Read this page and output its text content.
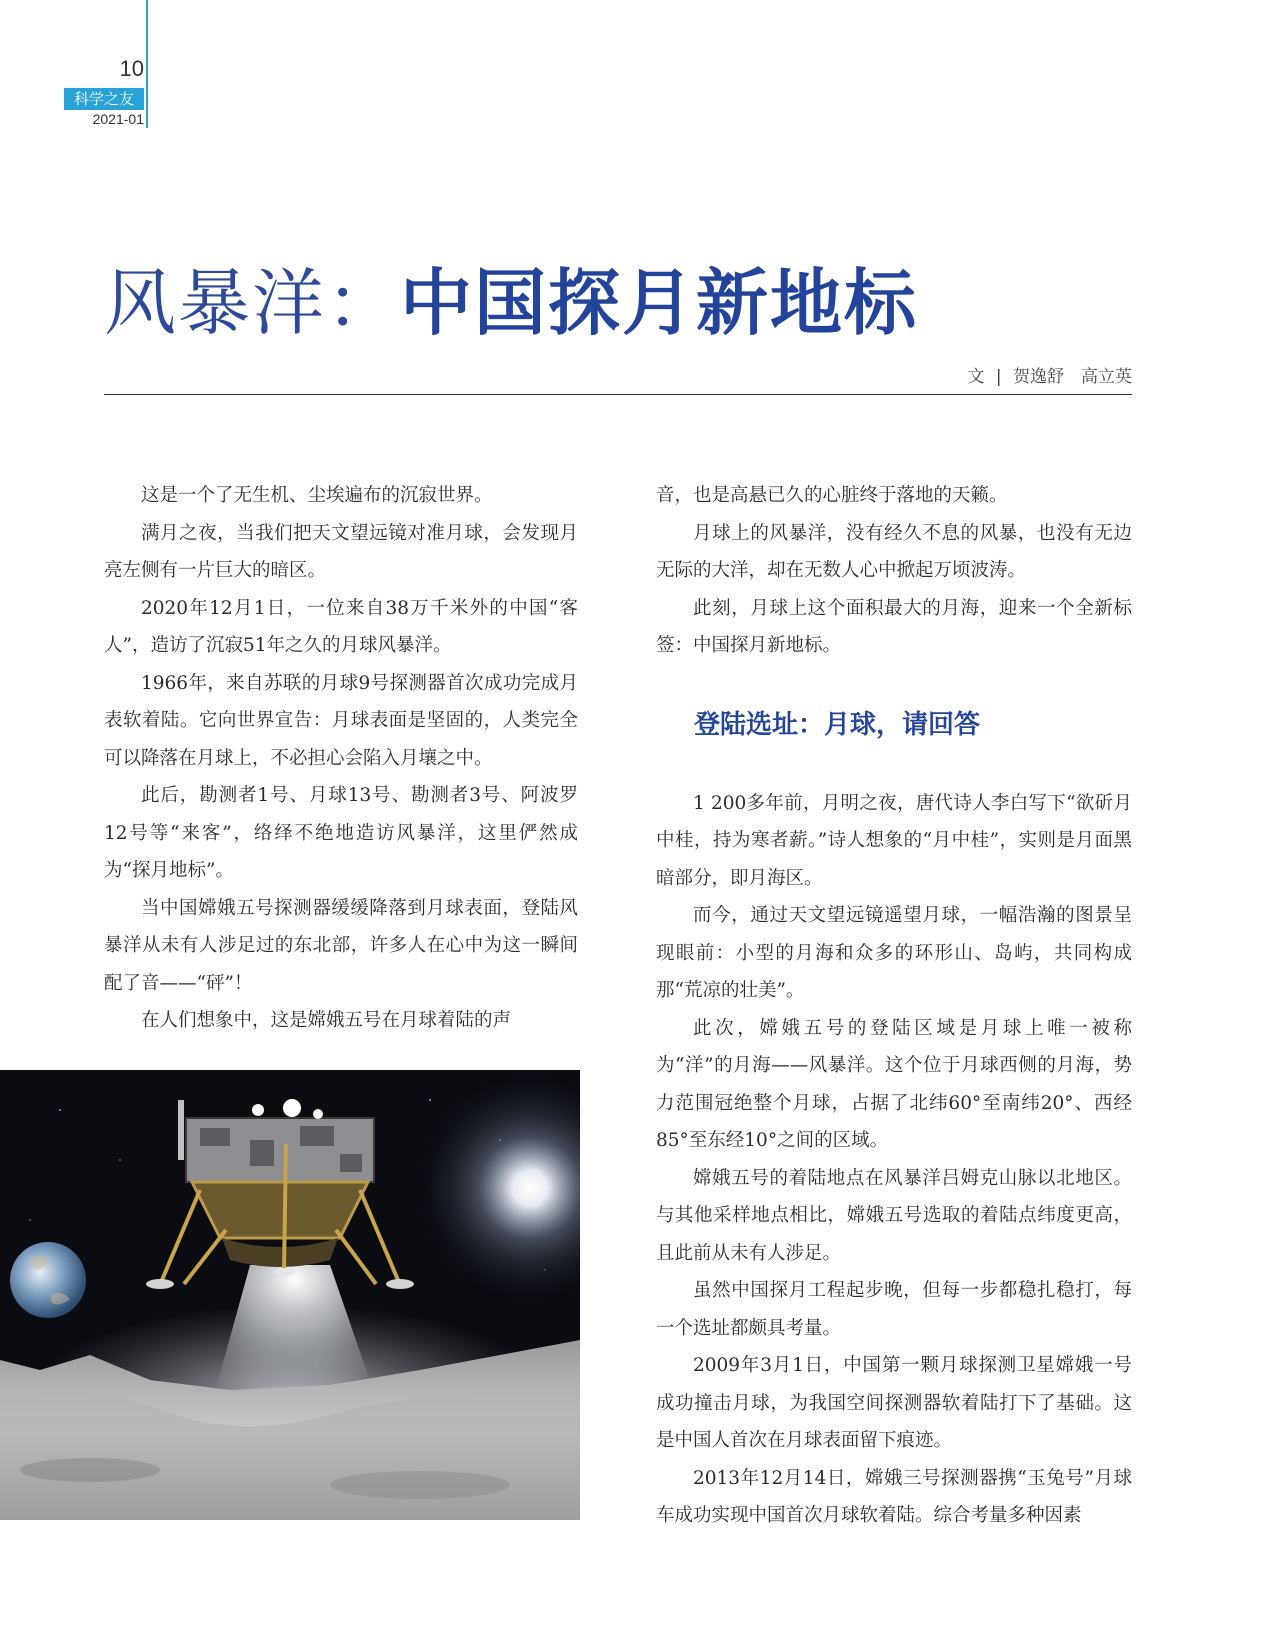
10
科学之友
2021-01
风暴洋：中国探月新地标
文 | 贺逸舒　高立英

这是一个了无生机、尘埃遍布的沉寂世界。

满月之夜，当我们把天文望远镜对准月球，会发现月亮左侧有一片巨大的暗区。

2020年12月1日，一位来自38万千米外的中国“客人”，造访了沉寂51年之久的月球风暴洋。

1966年，来自苏联的月球9号探测器首次成功完成月表软着陆。它向世界宣告：月球表面是坚固的，人类完全可以降落在月球上，不必担心会陷入月壤之中。

此后，勘测者1号、月球13号、勘测者3号、阿波罗12号等“来客”，络绎不绝地造访风暴洋，这里俨然成为“探月地标”。

当中国嫦娥五号探测器缓缓降落到月球表面，登陆风暴洋从未有人涉足过的东北部，许多人在心中为这一瞬间配了音——“砰”！

在人们想象中，这是嫦娥五号在月球着陆的声

音，也是高悬已久的心脏终于落地的天籁。

月球上的风暴洋，没有经久不息的风暴，也没有无边无际的大洋，却在无数人心中掀起万顷波涛。

此刻，月球上这个面积最大的月海，迎来一个全新标签：中国探月新地标。

登陆选址：月球，请回答

1 200多年前，月明之夜，唐代诗人李白写下“欲斫月中桂，持为寒者薪。”诗人想象的“月中桂”，实则是月面黑暗部分，即月海区。

而今，通过天文望远镜遥望月球，一幅浩瀚的图景呈现眼前：小型的月海和众多的环形山、岛屿，共同构成那“荒凉的壮美”。

此次，嫦娥五号的登陆区域是月球上唯一被称为“洋”的月海——风暴洋。这个位于月球西侧的月海，势力范围冠绝整个月球，占据了北纬60°至南纬20°、西经85°至东经10°之间的区域。

嫦娥五号的着陆地点在风暴洋吕姆克山脉以北地区。与其他采样地点相比，嫦娥五号选取的着陆点纬度更高，且此前从未有人涉足。

虽然中国探月工程起步晚，但每一步都稳扎稳打，每一个选址都颇具考量。

2009年3月1日，中国第一颗月球探测卫星嫦娥一号成功撞击月球，为我国空间探测器软着陆打下了基础。这是中国人首次在月球表面留下痕迹。

2013年12月14日，嫦娥三号探测器携“玉兔号”月球车成功实现中国首次月球软着陆。综合考量多种因素
